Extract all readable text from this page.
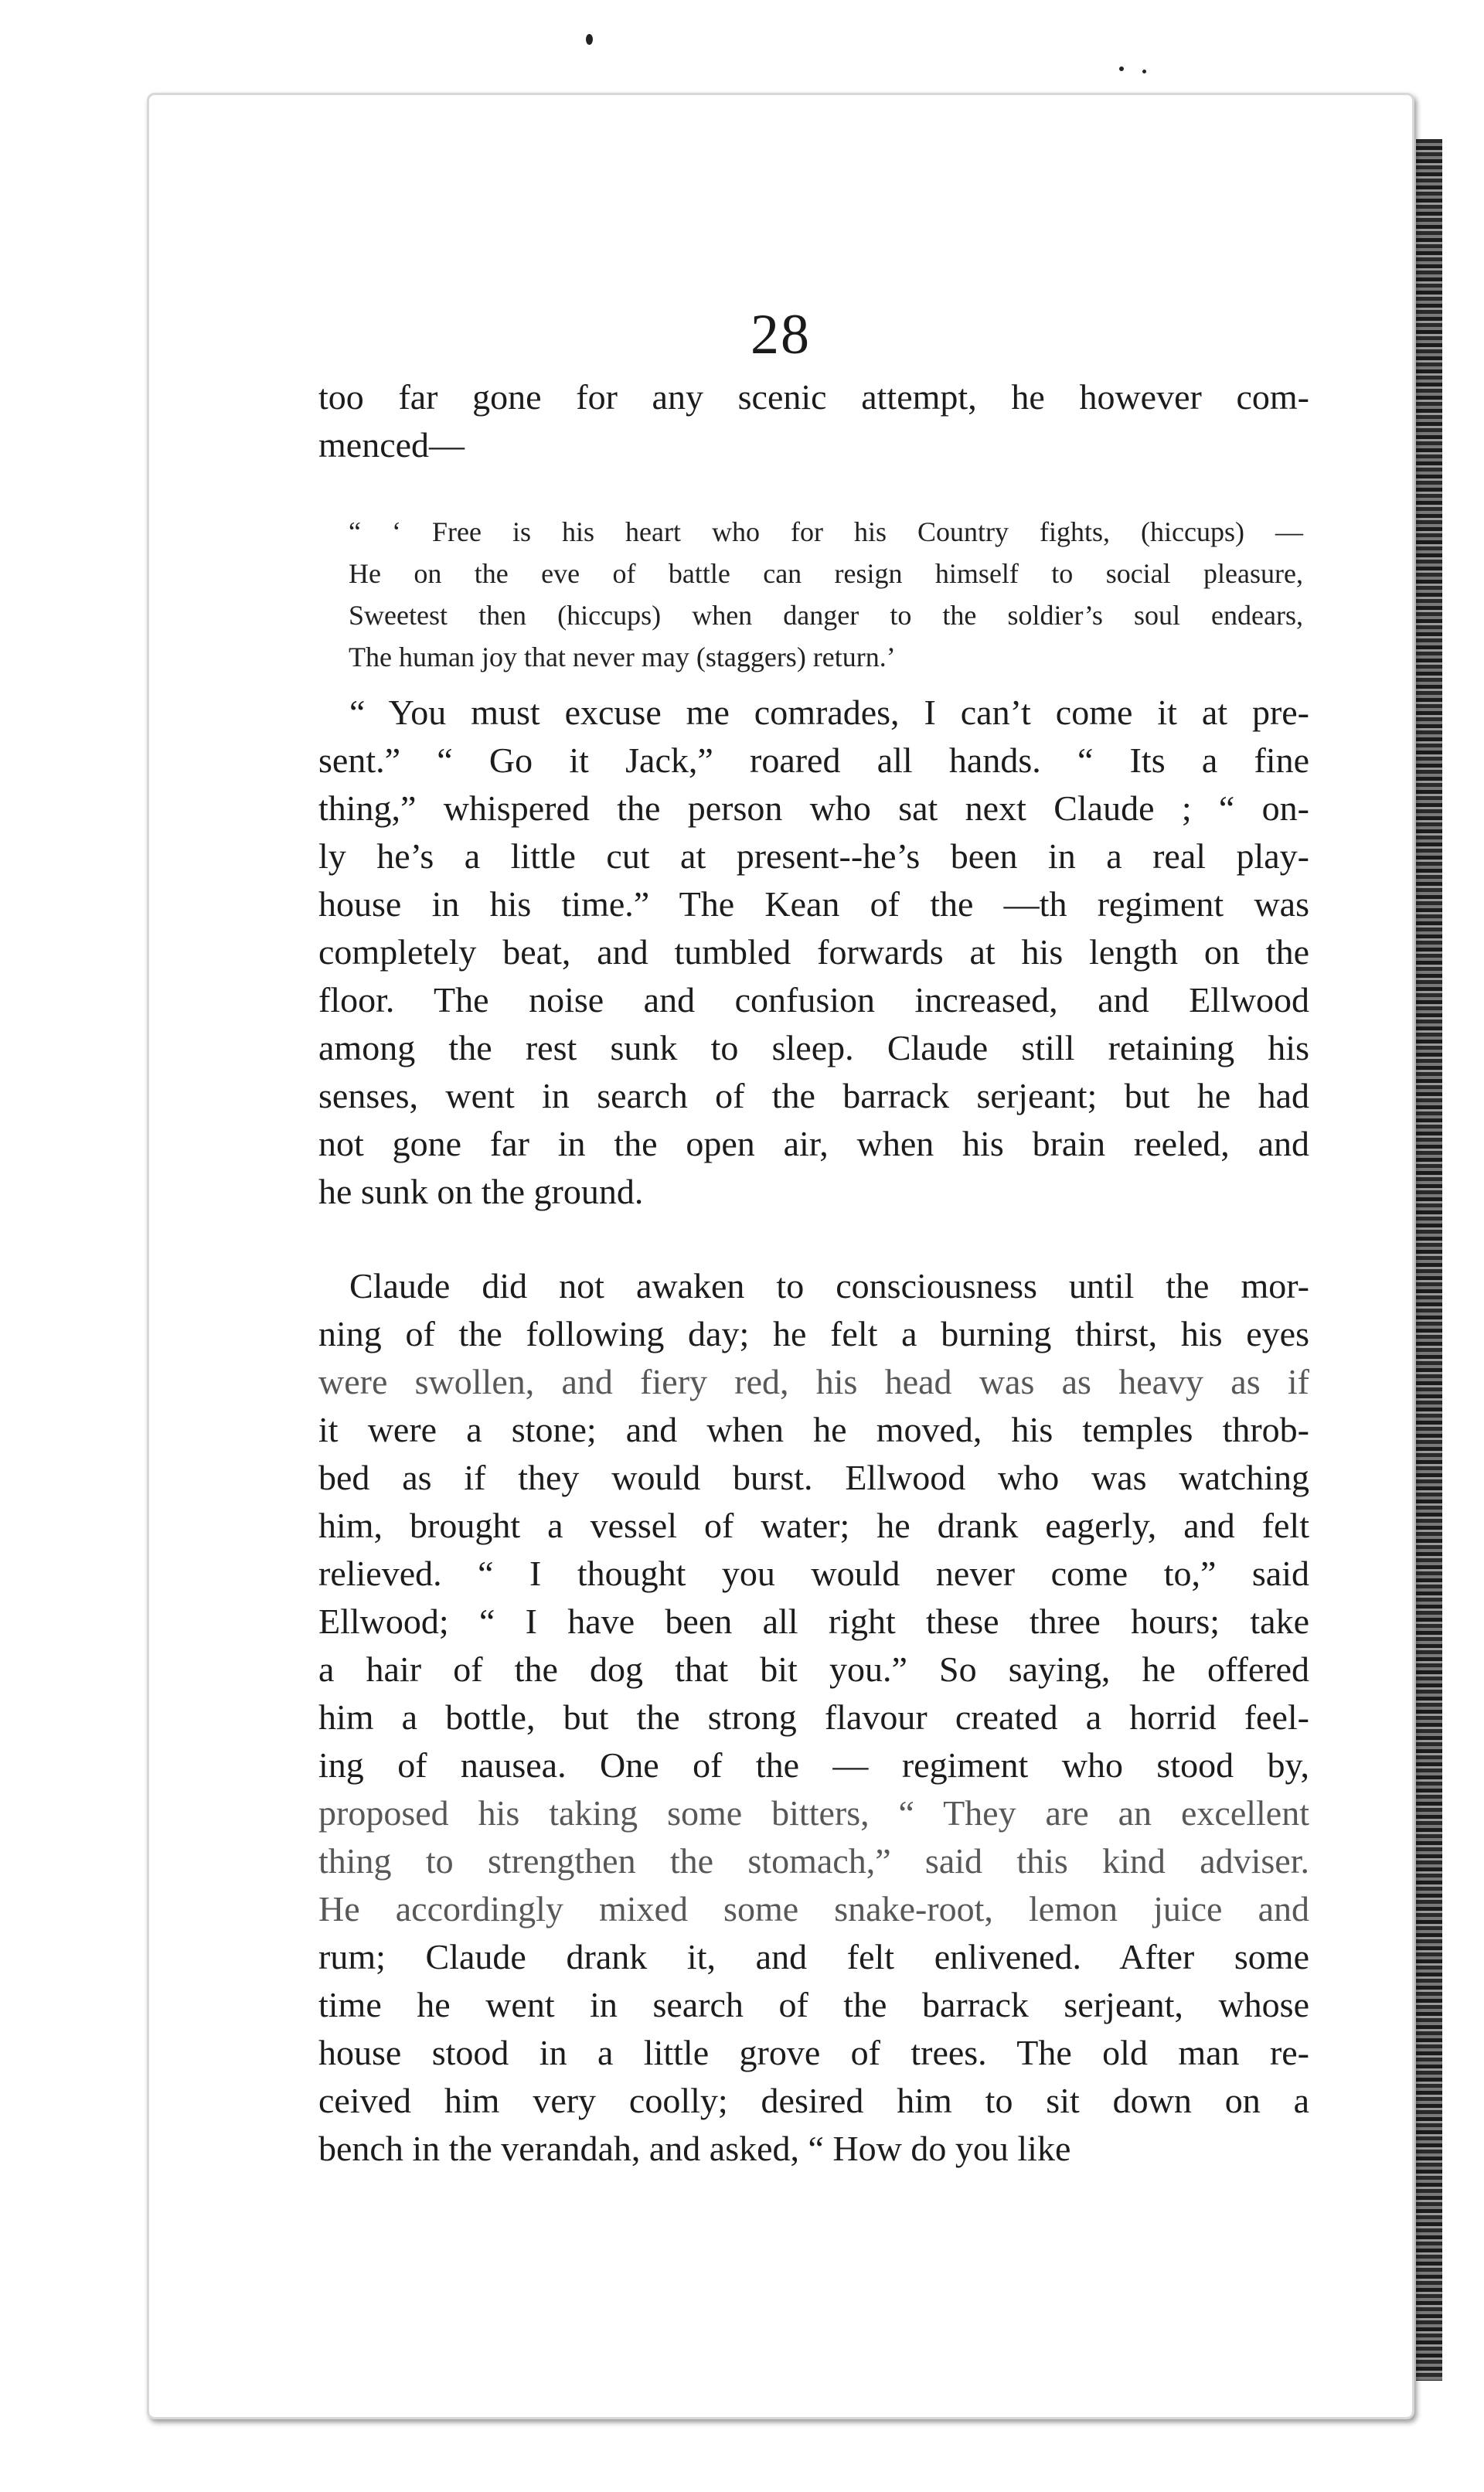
28
too far gone for any scenic attempt, he however com-
menced—
“ ‘ Free is his heart who for his Country fights, (hiccups) —
He on the eve of battle can resign himself to social pleasure,
Sweetest then (hiccups) when danger to the soldier’s soul endears,
The human joy that never may (staggers) return.’
“ You must excuse me comrades, I can’t come it at pre-
sent.” “ Go it Jack,” roared all hands. “ Its a fine
thing,” whispered the person who sat next Claude ; “ on-
ly he’s a little cut at present--he’s been in a real play-
house in his time.” The Kean of the —th regiment was
completely beat, and tumbled forwards at his length on the
floor. The noise and confusion increased, and Ellwood
among the rest sunk to sleep. Claude still retaining his
senses, went in search of the barrack serjeant; but he had
not gone far in the open air, when his brain reeled, and
he sunk on the ground.
Claude did not awaken to consciousness until the mor-
ning of the following day; he felt a burning thirst, his eyes
were swollen, and fiery red, his head was as heavy as if
it were a stone; and when he moved, his temples throb-
bed as if they would burst. Ellwood who was watching
him, brought a vessel of water; he drank eagerly, and felt
relieved. “ I thought you would never come to,” said
Ellwood; “ I have been all right these three hours; take
a hair of the dog that bit you.” So saying, he offered
him a bottle, but the strong flavour created a horrid feel-
ing of nausea. One of the — regiment who stood by,
proposed his taking some bitters, “ They are an excellent
thing to strengthen the stomach,” said this kind adviser.
He accordingly mixed some snake-root, lemon juice and
rum; Claude drank it, and felt enlivened. After some
time he went in search of the barrack serjeant, whose
house stood in a little grove of trees. The old man re-
ceived him very coolly; desired him to sit down on a
bench in the verandah, and asked, “ How do you like
